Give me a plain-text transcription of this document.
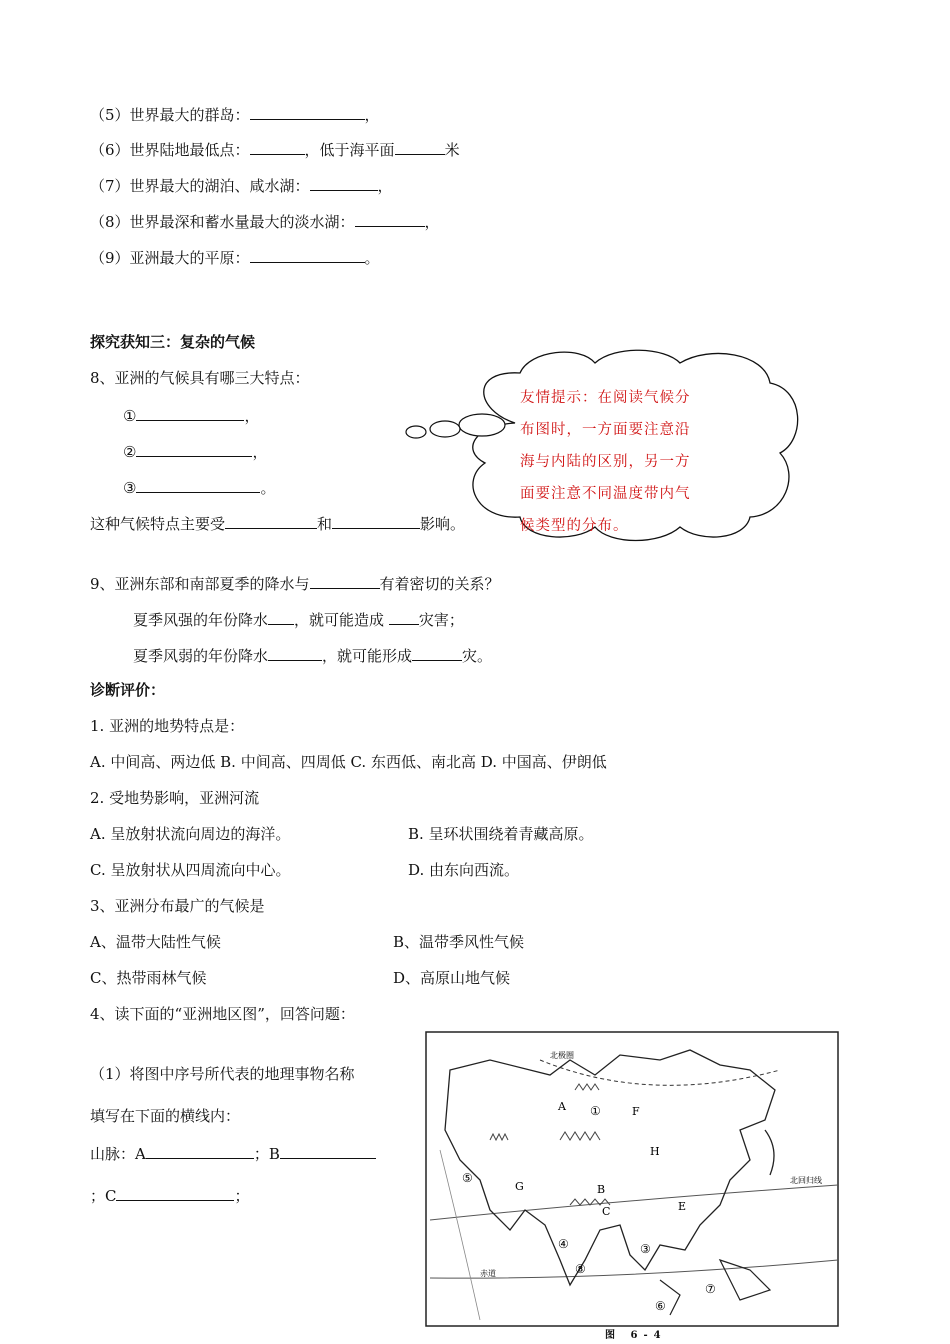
（5）世界最大的群岛：	，
（6）世界陆地最低点：	，低于海平面	米
（7）世界最大的湖泊、咸水湖：	，
（8）世界最深和蓄水量最大的淡水湖：	，
（9）亚洲最大的平原：	。
探究获知三：复杂的气候
8、亚洲的气候具有哪三大特点：
①	，
②	，
③	。
这种气候特点主要受	和	影响。
友情提示：在阅读气候分
布图时，一方面要注意沿
海与内陆的区别，另一方
面要注意不同温度带内气
候类型的分布。
9、亚洲东部和南部夏季的降水与	有着密切的关系？
夏季风强的年份降水 ，就可能造成 灾害；
夏季风弱的年份降水	，就可能形成	灾。
诊断评价：
1. 亚洲的地势特点是：
A. 中间高、两边低 B. 中间高、四周低 C. 东西低、南北高 D. 中国高、伊朗低
2. 受地势影响，亚洲河流
A. 呈放射状流向周边的海洋。	B. 呈环状围绕着青藏高原。
C. 呈放射状从四周流向中心。	D. 由东向西流。
3、亚洲分布最广的气候是
A、温带大陆性气候	B、温带季风性气候
C、热带雨林气候	D、高原山地气候
4、读下面的“亚洲地区图”，回答问题：
（1）将图中序号所代表的地理事物名称
填写在下面的横线内：
山脉：A	；B
；C	；
A
B
C	E
F
G
H
①
③
④
⑤
⑥
⑦
⑧
北极圈
北回归线
赤道
图 6-4
